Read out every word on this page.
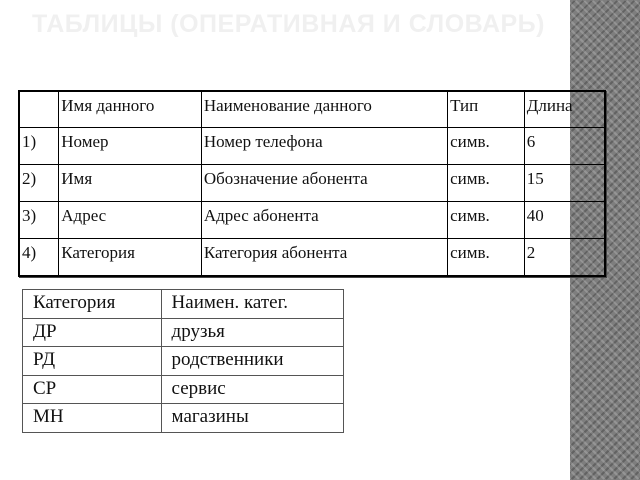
ТАБЛИЦЫ (ОПЕРАТИВНАЯ И СЛОВАРЬ)
	Имя данного	Наименование данного	Тип	Длина
1)	Номер	Номер телефона	симв.	6
2)	Имя	Обозначение абонента	симв.	15
3)	Адрес	Адрес абонента	симв.	40
4)	Категория	Категория абонента	симв.	2
Категория	Наимен. катег.
ДР	друзья
РД	родственники
СР	сервис
МН	магазины
